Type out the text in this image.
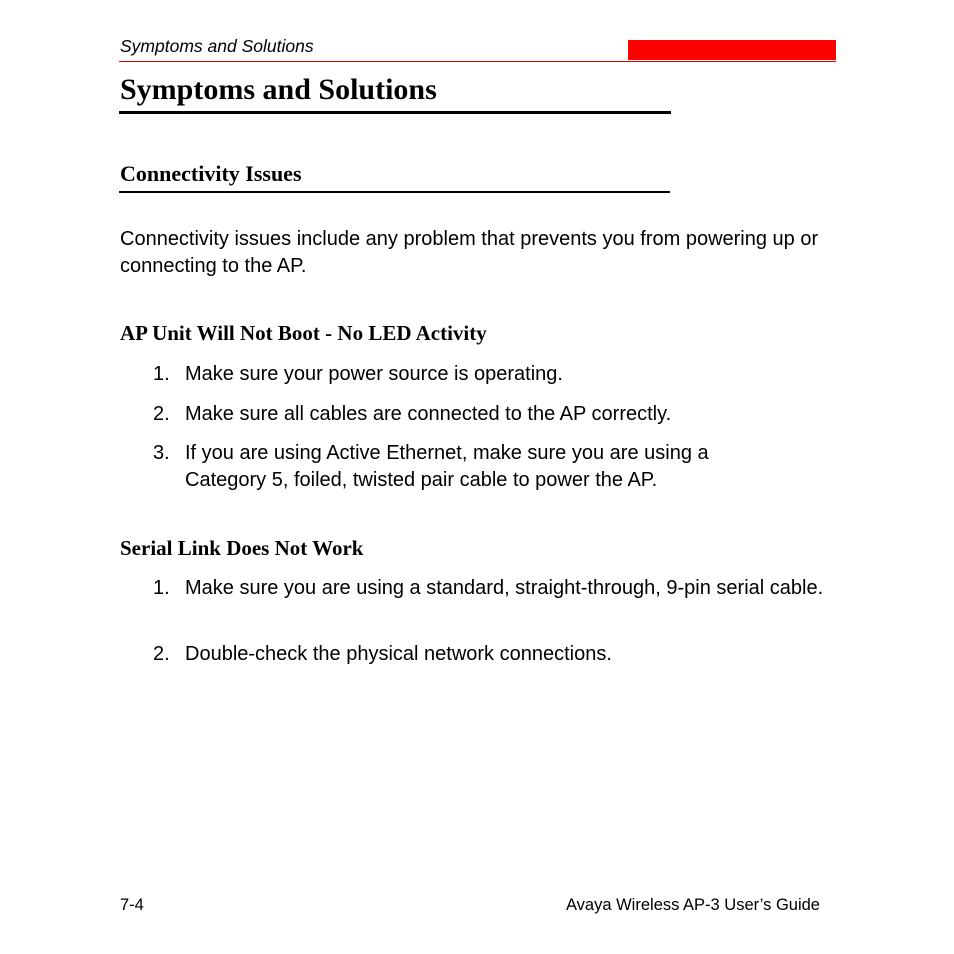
Symptoms and Solutions
Symptoms and Solutions
Connectivity Issues

Connectivity issues include any problem that prevents you from powering up or connecting to the AP.

AP Unit Will Not Boot - No LED Activity
1. Make sure your power source is operating.
2. Make sure all cables are connected to the AP correctly.
3. If you are using Active Ethernet, make sure you are using a Category 5, foiled, twisted pair cable to power the AP.
Serial Link Does Not Work
1. Make sure you are using a standard, straight-through, 9-pin serial cable.
2. Double-check the physical network connections.
7-4	Avaya Wireless AP-3 User’s Guide
